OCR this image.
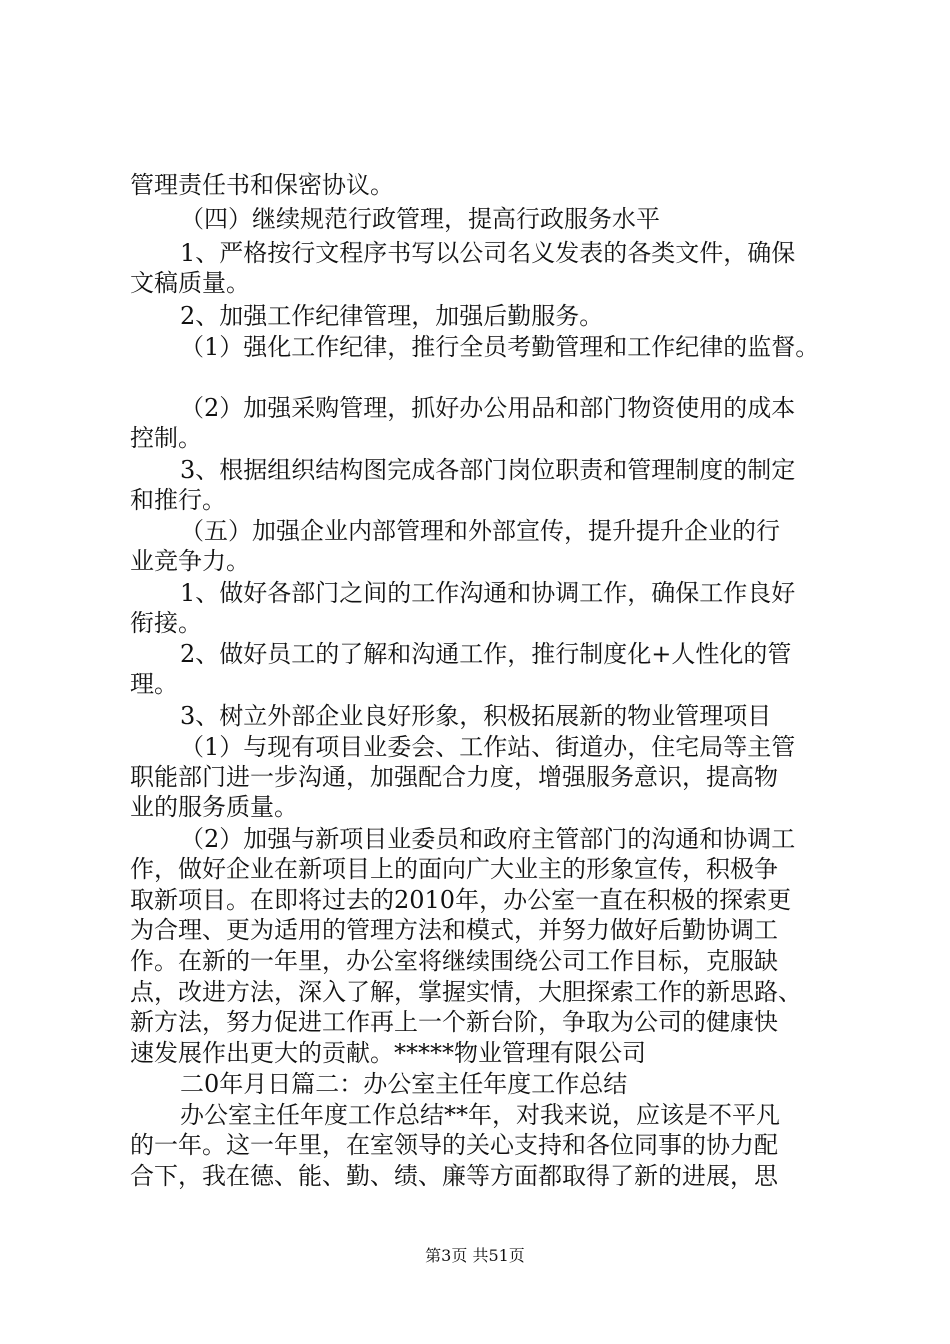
管理责任书和保密协议。
（四）继续规范行政管理，提高行政服务水平
1、严格按行文程序书写以公司名义发表的各类文件，确保
文稿质量。
2、加强工作纪律管理，加强后勤服务。
（1）强化工作纪律，推行全员考勤管理和工作纪律的监督。
（2）加强采购管理，抓好办公用品和部门物资使用的成本
控制。
3、根据组织结构图完成各部门岗位职责和管理制度的制定
和推行。
（五）加强企业内部管理和外部宣传，提升提升企业的行
业竞争力。
1、做好各部门之间的工作沟通和协调工作，确保工作良好
衔接。
2、做好员工的了解和沟通工作，推行制度化+人性化的管
理。
3、树立外部企业良好形象，积极拓展新的物业管理项目
（1）与现有项目业委会、工作站、街道办，住宅局等主管
职能部门进一步沟通，加强配合力度，增强服务意识，提高物
业的服务质量。
（2）加强与新项目业委员和政府主管部门的沟通和协调工
作，做好企业在新项目上的面向广大业主的形象宣传，积极争
取新项目。在即将过去的2010年，办公室一直在积极的探索更
为合理、更为适用的管理方法和模式，并努力做好后勤协调工
作。在新的一年里，办公室将继续围绕公司工作目标，克服缺
点，改进方法，深入了解，掌握实情，大胆探索工作的新思路、
新方法，努力促进工作再上一个新台阶，争取为公司的健康快
速发展作出更大的贡献。*****物业管理有限公司
二0年月日篇二：办公室主任年度工作总结
办公室主任年度工作总结**年，对我来说，应该是不平凡
的一年。这一年里，在室领导的关心支持和各位同事的协力配
合下，我在德、能、勤、绩、廉等方面都取得了新的进展，思
第3页 共51页
